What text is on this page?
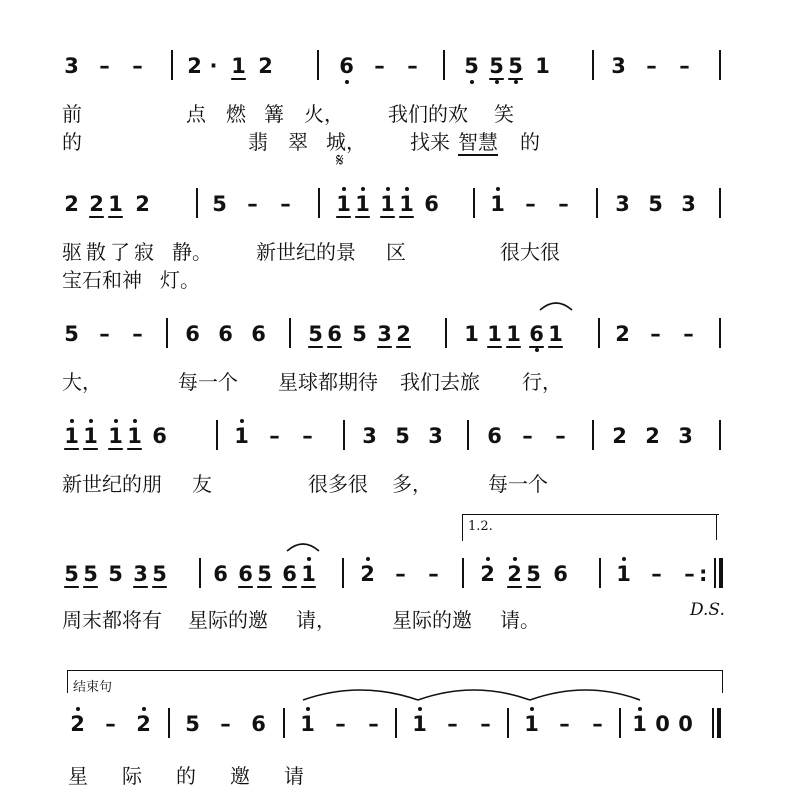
3 – – 2 · 1 2	6 – – 5 5 5 1	3 – –
前	点 燃 篝 火， 我们的欢 笑
的	翡 翠 城， 找来 智慧 的
𝄋
2 2 1 2	5 – – 1 1 1 1 6 1 – – 3 5 3
驱 散 了 寂 静。 新世纪的景 区	很大很
宝石和神 灯。
5 – – 6 6 6 5 6 5 3 2	1 1 1 6 1 2 – –
大，	每一个 星球都期待 我们去旅 行，
1 1 1 1 6	1 – – 3 5 3 6 – – 2 2 3
新世纪的朋 友	很多很 多，	每一个
1.2.
5 5 5 3 5 6 6 5 6 1 2 – – 2 2 5 6 1 – – :
周末都将有 星际的邀 请，	星际的邀 请。	D.S.
结束句
2 – 2 5 – 6 1 – – 1 – – 1 – – 1 0 0
星 际 的 邀 请
